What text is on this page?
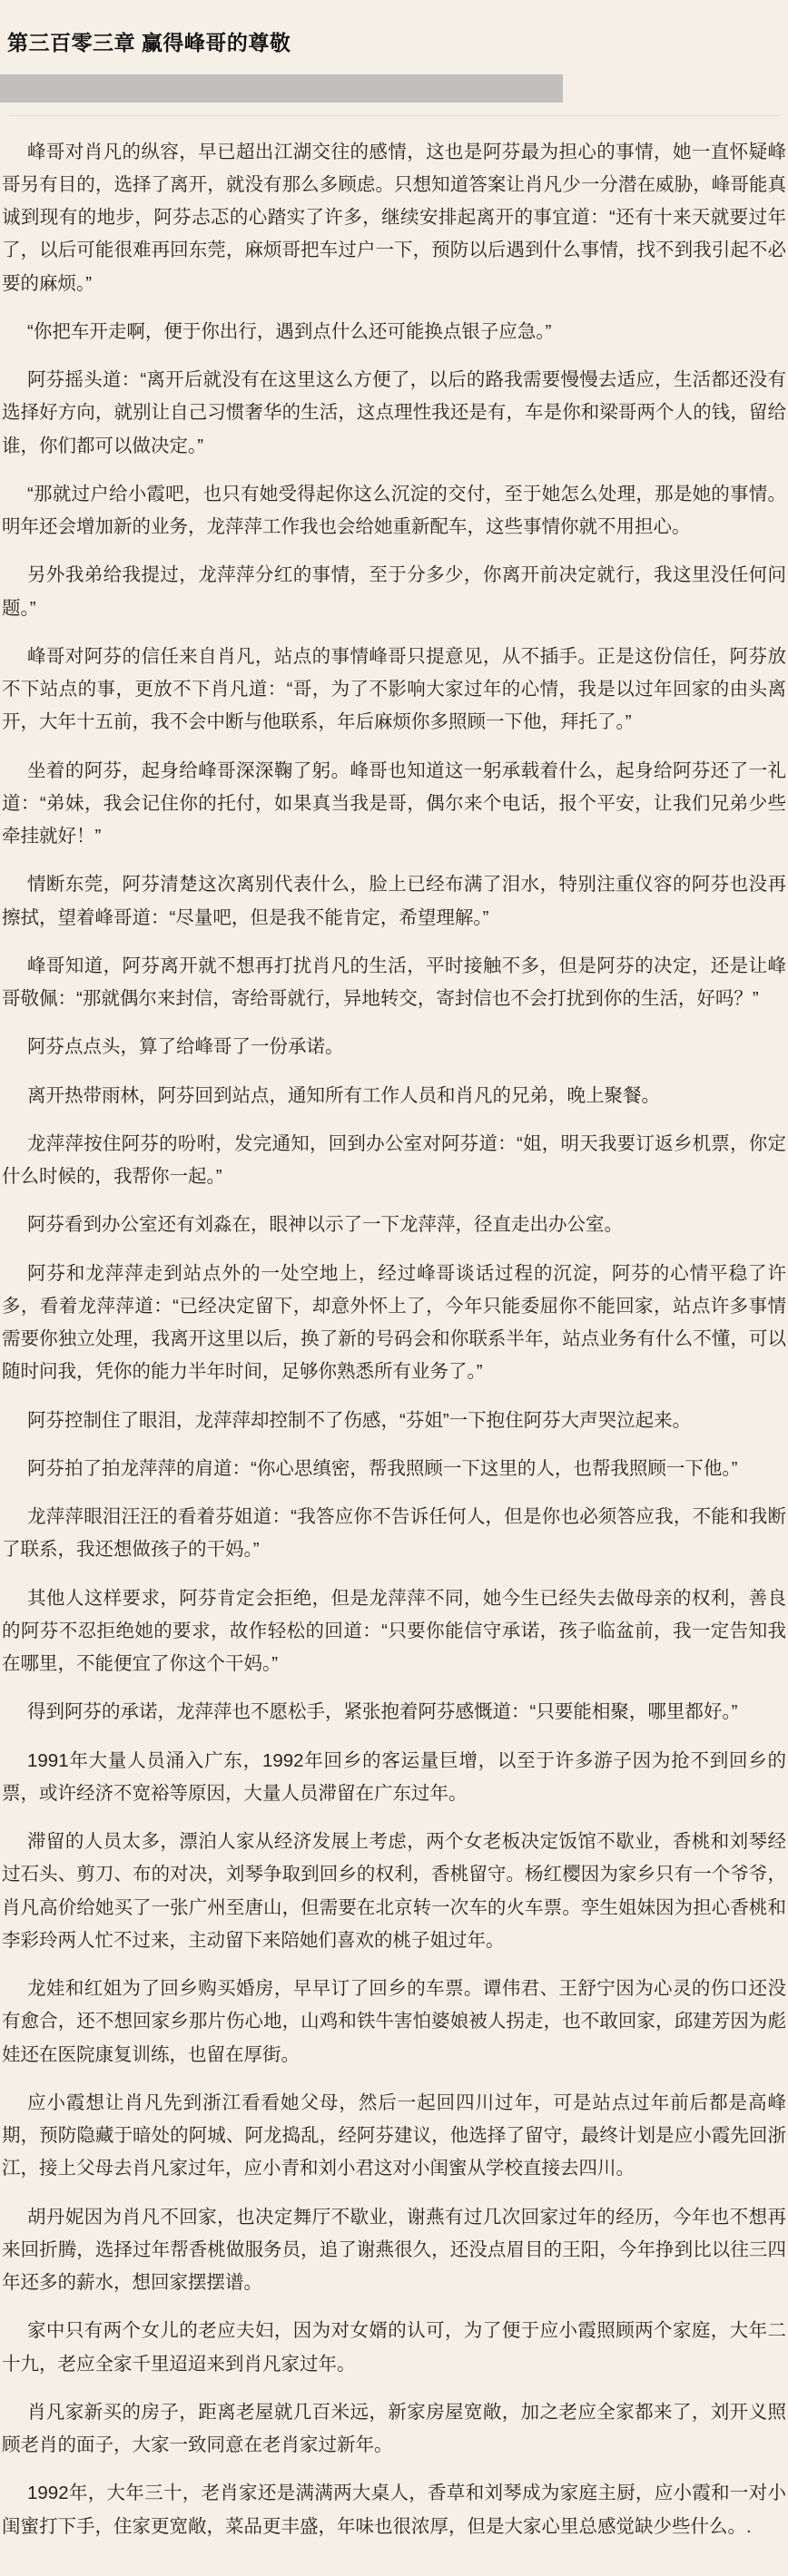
第三百零三章 赢得峰哥的尊敬

峰哥对肖凡的纵容，早已超出江湖交往的感情，这也是阿芬最为担心的事情，她一直怀疑峰哥另有目的，选择了离开，就没有那么多顾虑。只想知道答案让肖凡少一分潜在威胁，峰哥能真诚到现有的地步，阿芬忐忑的心踏实了许多，继续安排起离开的事宜道：“还有十来天就要过年了，以后可能很难再回东莞，麻烦哥把车过户一下，预防以后遇到什么事情，找不到我引起不必要的麻烦。”

“你把车开走啊，便于你出行，遇到点什么还可能换点银子应急。”

阿芬摇头道：“离开后就没有在这里这么方便了，以后的路我需要慢慢去适应，生活都还没有选择好方向，就别让自己习惯奢华的生活，这点理性我还是有，车是你和梁哥两个人的钱，留给谁，你们都可以做决定。”

“那就过户给小霞吧，也只有她受得起你这么沉淀的交付，至于她怎么处理，那是她的事情。明年还会增加新的业务，龙萍萍工作我也会给她重新配车，这些事情你就不用担心。

另外我弟给我提过，龙萍萍分红的事情，至于分多少，你离开前决定就行，我这里没任何问题。”

峰哥对阿芬的信任来自肖凡，站点的事情峰哥只提意见，从不插手。正是这份信任，阿芬放不下站点的事，更放不下肖凡道：“哥，为了不影响大家过年的心情，我是以过年回家的由头离开，大年十五前，我不会中断与他联系，年后麻烦你多照顾一下他，拜托了。”

坐着的阿芬，起身给峰哥深深鞠了躬。峰哥也知道这一躬承载着什么，起身给阿芬还了一礼道：“弟妹，我会记住你的托付，如果真当我是哥，偶尔来个电话，报个平安，让我们兄弟少些牵挂就好！”

情断东莞，阿芬清楚这次离别代表什么，脸上已经布满了泪水，特别注重仪容的阿芬也没再擦拭，望着峰哥道：“尽量吧，但是我不能肯定，希望理解。”

峰哥知道，阿芬离开就不想再打扰肖凡的生活，平时接触不多，但是阿芬的决定，还是让峰哥敬佩：“那就偶尔来封信，寄给哥就行，异地转交，寄封信也不会打扰到你的生活，好吗？”

阿芬点点头，算了给峰哥了一份承诺。

离开热带雨林，阿芬回到站点，通知所有工作人员和肖凡的兄弟，晚上聚餐。

龙萍萍按住阿芬的吩咐，发完通知，回到办公室对阿芬道：“姐，明天我要订返乡机票，你定什么时候的，我帮你一起。”

阿芬看到办公室还有刘淼在，眼神以示了一下龙萍萍，径直走出办公室。

阿芬和龙萍萍走到站点外的一处空地上，经过峰哥谈话过程的沉淀，阿芬的心情平稳了许多，看着龙萍萍道：“已经决定留下，却意外怀上了，今年只能委屈你不能回家，站点许多事情需要你独立处理，我离开这里以后，换了新的号码会和你联系半年，站点业务有什么不懂，可以随时问我，凭你的能力半年时间，足够你熟悉所有业务了。”

阿芬控制住了眼泪，龙萍萍却控制不了伤感，“芬姐”一下抱住阿芬大声哭泣起来。

阿芬拍了拍龙萍萍的肩道：“你心思缜密，帮我照顾一下这里的人，也帮我照顾一下他。”

龙萍萍眼泪汪汪的看着芬姐道：“我答应你不告诉任何人，但是你也必须答应我，不能和我断了联系，我还想做孩子的干妈。”

其他人这样要求，阿芬肯定会拒绝，但是龙萍萍不同，她今生已经失去做母亲的权利，善良的阿芬不忍拒绝她的要求，故作轻松的回道：“只要你能信守承诺，孩子临盆前，我一定告知我在哪里，不能便宜了你这个干妈。”

得到阿芬的承诺，龙萍萍也不愿松手，紧张抱着阿芬感慨道：“只要能相聚，哪里都好。”

1991年大量人员涌入广东，1992年回乡的客运量巨增，以至于许多游子因为抢不到回乡的票，或许经济不宽裕等原因，大量人员滞留在广东过年。

滞留的人员太多，漂泊人家从经济发展上考虑，两个女老板决定饭馆不歇业，香桃和刘琴经过石头、剪刀、布的对决，刘琴争取到回乡的权利，香桃留守。杨红樱因为家乡只有一个爷爷，肖凡高价给她买了一张广州至唐山，但需要在北京转一次车的火车票。孪生姐妹因为担心香桃和李彩玲两人忙不过来，主动留下来陪她们喜欢的桃子姐过年。

龙娃和红姐为了回乡购买婚房，早早订了回乡的车票。谭伟君、王舒宁因为心灵的伤口还没有愈合，还不想回家乡那片伤心地，山鸡和铁牛害怕婆娘被人拐走，也不敢回家，邱建芳因为彪娃还在医院康复训练，也留在厚街。

应小霞想让肖凡先到浙江看看她父母，然后一起回四川过年，可是站点过年前后都是高峰期，预防隐藏于暗处的阿城、阿龙捣乱，经阿芬建议，他选择了留守，最终计划是应小霞先回浙江，接上父母去肖凡家过年，应小青和刘小君这对小闺蜜从学校直接去四川。

胡丹妮因为肖凡不回家，也决定舞厅不歇业，谢燕有过几次回家过年的经历，今年也不想再来回折腾，选择过年帮香桃做服务员，追了谢燕很久，还没点眉目的王阳，今年挣到比以往三四年还多的薪水，想回家摆摆谱。

家中只有两个女儿的老应夫妇，因为对女婿的认可，为了便于应小霞照顾两个家庭，大年二十九，老应全家千里迢迢来到肖凡家过年。

肖凡家新买的房子，距离老屋就几百米远，新家房屋宽敞，加之老应全家都来了，刘开义照顾老肖的面子，大家一致同意在老肖家过新年。

1992年，大年三十，老肖家还是满满两大桌人，香草和刘琴成为家庭主厨，应小霞和一对小闺蜜打下手，住家更宽敞，菜品更丰盛，年味也很浓厚，但是大家心里总感觉缺少些什么。.
